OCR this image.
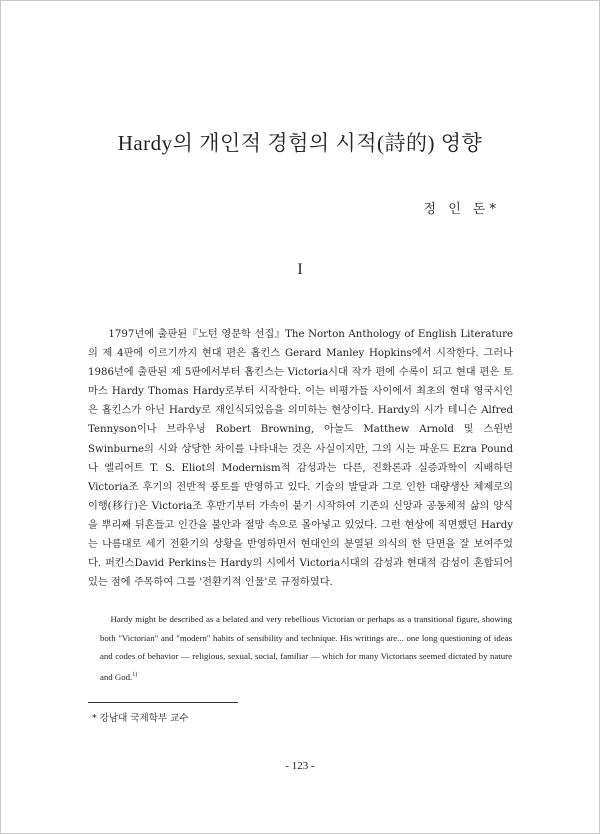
Hardy의 개인적 경험의 시적(詩的) 영향
정 인 돈*
I
1797년에 출판된『노턴 영문학 선집』The Norton Anthology of English Literature의 제 4판에 이르기까지 현대 편은 홉킨스 Gerard Manley Hopkins에서 시작한다. 그러나 1986년에 출판된 제 5판에서부터 홉킨스는 Victoria시대 작가 편에 수록이 되고 현대 편은 토마스 Hardy Thomas Hardy로부터 시작한다. 이는 비평가들 사이에서 최초의 현대 영국시인은 홉킨스가 아닌 Hardy로 재인식되었음을 의미하는 현상이다. Hardy의 시가 테니슨 Alfred Tennyson이나 브라우닝 Robert Browning, 아놀드 Matthew Arnold 및 스윈번 Swinburne의 시와 상당한 차이를 나타내는 것은 사실이지만, 그의 시는 파운드 Ezra Pound나 엘리어트 T. S. Eliot의 Modernism적 감성과는 다른, 진화론과 실증과학이 지배하던 Victoria조 후기의 전반적 풍토를 반영하고 있다. 기술의 발달과 그로 인한 대량생산 체제로의 이행(移行)은 Victoria조 후반기부터 가속이 붙기 시작하여 기존의 신앙과 공동체적 삶의 양식을 뿌리째 뒤흔들고 인간을 불안과 절망 속으로 몰아넣고 있었다. 그런 현상에 직면했던 Hardy는 나름대로 세기 전환기의 상황을 반영하면서 현대인의 분열된 의식의 한 단면을 잘 보여주었다. 퍼킨스David Perkins는 Hardy의 시에서 Victoria시대의 감성과 현대적 감성이 혼합되어 있는 점에 주목하여 그를 '전환기적 인물'로 규정하였다.
Hardy might be described as a belated and very rebellious Victorian or perhaps as a transitional figure, showing both "Victorian" and "modern" habits of sensibility and technique. His writings are... one long questioning of ideas and codes of behavior — religious, sexual, social, familiar — which for many Victorians seemed dictated by nature and God.$^{1)}$
* 강남대 국제학부 교수
- 123 -
